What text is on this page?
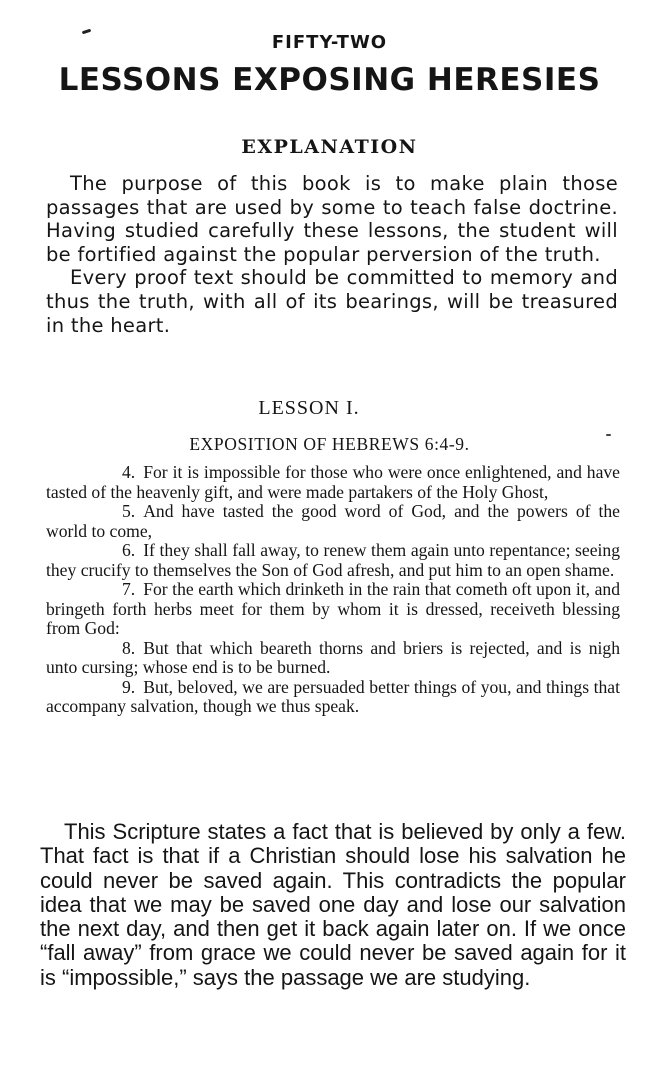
FIFTY-TWO
LESSONS EXPOSING HERESIES
EXPLANATION

The purpose of this book is to make plain those passages that are used by some to teach false doctrine. Having studied carefully these lessons, the student will be fortified against the popular perversion of the truth.

Every proof text should be committed to memory and thus the truth, with all of its bearings, will be treasured in the heart.

LESSON I.
EXPOSITION OF HEBREWS 6:4-9.

4. For it is impossible for those who were once enlightened, and have tasted of the heavenly gift, and were made partakers of the Holy Ghost,

5. And have tasted the good word of God, and the powers of the world to come,

6. If they shall fall away, to renew them again unto repentance; seeing they crucify to themselves the Son of God afresh, and put him to an open shame.

7. For the earth which drinketh in the rain that cometh oft upon it, and bringeth forth herbs meet for them by whom it is dressed, receiveth blessing from God:

8. But that which beareth thorns and briers is rejected, and is nigh unto cursing; whose end is to be burned.

9. But, beloved, we are persuaded better things of you, and things that accompany salvation, though we thus speak.

This Scripture states a fact that is believed by only a few. That fact is that if a Christian should lose his salvation he could never be saved again. This contradicts the popular idea that we may be saved one day and lose our salvation the next day, and then get it back again later on. If we once “fall away” from grace we could never be saved again for it is “impossible,” says the passage we are studying.
